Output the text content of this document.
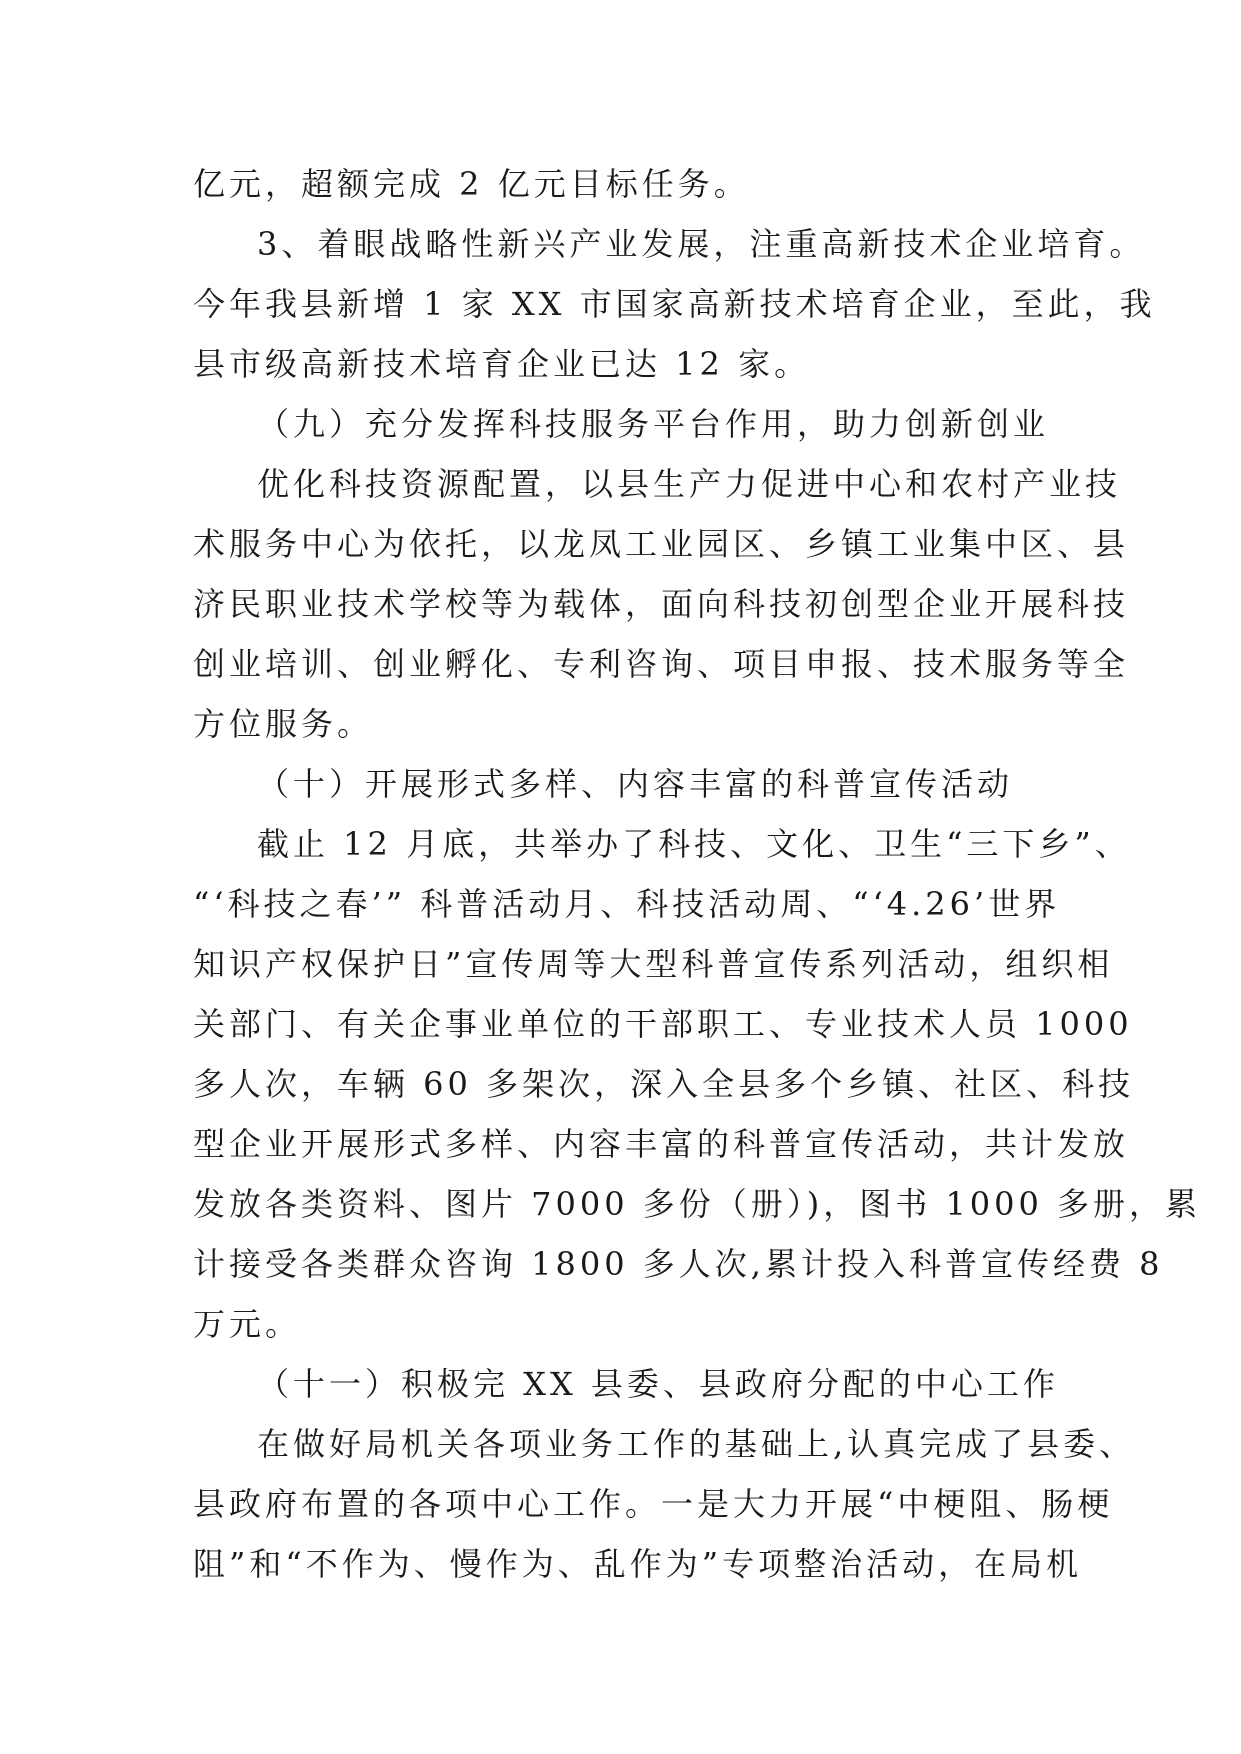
亿元，超额完成 2 亿元目标任务。
3、着眼战略性新兴产业发展，注重高新技术企业培育。
今年我县新增 1 家 XX 市国家高新技术培育企业，至此，我
县市级高新技术培育企业已达 12 家。
（九）充分发挥科技服务平台作用，助力创新创业
优化科技资源配置，以县生产力促进中心和农村产业技
术服务中心为依托，以龙凤工业园区、乡镇工业集中区、县
济民职业技术学校等为载体，面向科技初创型企业开展科技
创业培训、创业孵化、专利咨询、项目申报、技术服务等全
方位服务。
（十）开展形式多样、内容丰富的科普宣传活动
截止 12 月底，共举办了科技、文化、卫生“三下乡”、
“‘科技之春’” 科普活动月、科技活动周、“‘4.26’世界
知识产权保护日”宣传周等大型科普宣传系列活动，组织相
关部门、有关企事业单位的干部职工、专业技术人员 1000
多人次，车辆 60 多架次，深入全县多个乡镇、社区、科技
型企业开展形式多样、内容丰富的科普宣传活动，共计发放
发放各类资料、图片 7000 多份（册）)，图书 1000 多册，累
计接受各类群众咨询 1800 多人次,累计投入科普宣传经费 8
万元。
（十一）积极完 XX 县委、县政府分配的中心工作
在做好局机关各项业务工作的基础上,认真完成了县委、
县政府布置的各项中心工作。一是大力开展“中梗阻、肠梗
阻”和“不作为、慢作为、乱作为”专项整治活动，在局机
